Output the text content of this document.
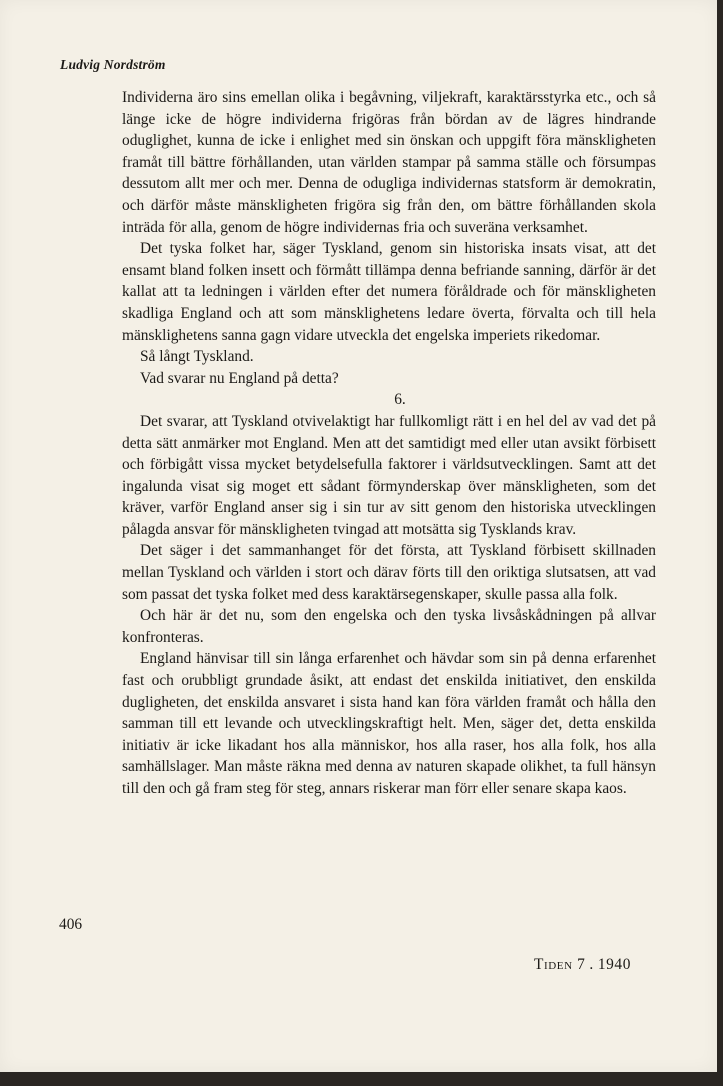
Ludvig Nordström

Individerna äro sins emellan olika i begåvning, viljekraft, karaktärsstyrka etc., och så länge icke de högre individerna frigöras från bördan av de lägres hindrande oduglighet, kunna de icke i enlighet med sin önskan och uppgift föra mänskligheten framåt till bättre förhållanden, utan världen stampar på samma ställe och försumpas dessutom allt mer och mer. Denna de odugliga individernas statsform är demokratin, och därför måste mänskligheten frigöra sig från den, om bättre förhållanden skola inträda för alla, genom de högre individernas fria och suveräna verksamhet.

Det tyska folket har, säger Tyskland, genom sin historiska insats visat, att det ensamt bland folken insett och förmått tillämpa denna befriande sanning, därför är det kallat att ta ledningen i världen efter det numera föråldrade och för mänskligheten skadliga England och att som mänsklighetens ledare överta, förvalta och till hela mänsklighetens sanna gagn vidare utveckla det engelska imperiets rikedomar.

Så långt Tyskland.

Vad svarar nu England på detta?

6.

Det svarar, att Tyskland otvivelaktigt har fullkomligt rätt i en hel del av vad det på detta sätt anmärker mot England. Men att det samtidigt med eller utan avsikt förbisett och förbigått vissa mycket betydelsefulla faktorer i världsutvecklingen. Samt att det ingalunda visat sig moget ett sådant förmynderskap över mänskligheten, som det kräver, varför England anser sig i sin tur av sitt genom den historiska utvecklingen pålagda ansvar för mänskligheten tvingad att motsätta sig Tysklands krav.

Det säger i det sammanhanget för det första, att Tyskland förbisett skillnaden mellan Tyskland och världen i stort och därav förts till den oriktiga slutsatsen, att vad som passat det tyska folket med dess karaktärsegenskaper, skulle passa alla folk.

Och här är det nu, som den engelska och den tyska livsåskådningen på allvar konfronteras.

England hänvisar till sin långa erfarenhet och hävdar som sin på denna erfarenhet fast och orubbligt grundade åsikt, att endast det enskilda initiativet, den enskilda dugligheten, det enskilda ansvaret i sista hand kan föra världen framåt och hålla den samman till ett levande och utvecklingskraftigt helt. Men, säger det, detta enskilda initiativ är icke likadant hos alla människor, hos alla raser, hos alla folk, hos alla samhällslager. Man måste räkna med denna av naturen skapade olikhet, ta full hänsyn till den och gå fram steg för steg, annars riskerar man förr eller senare skapa kaos.

406
Tiden 7 . 1940
